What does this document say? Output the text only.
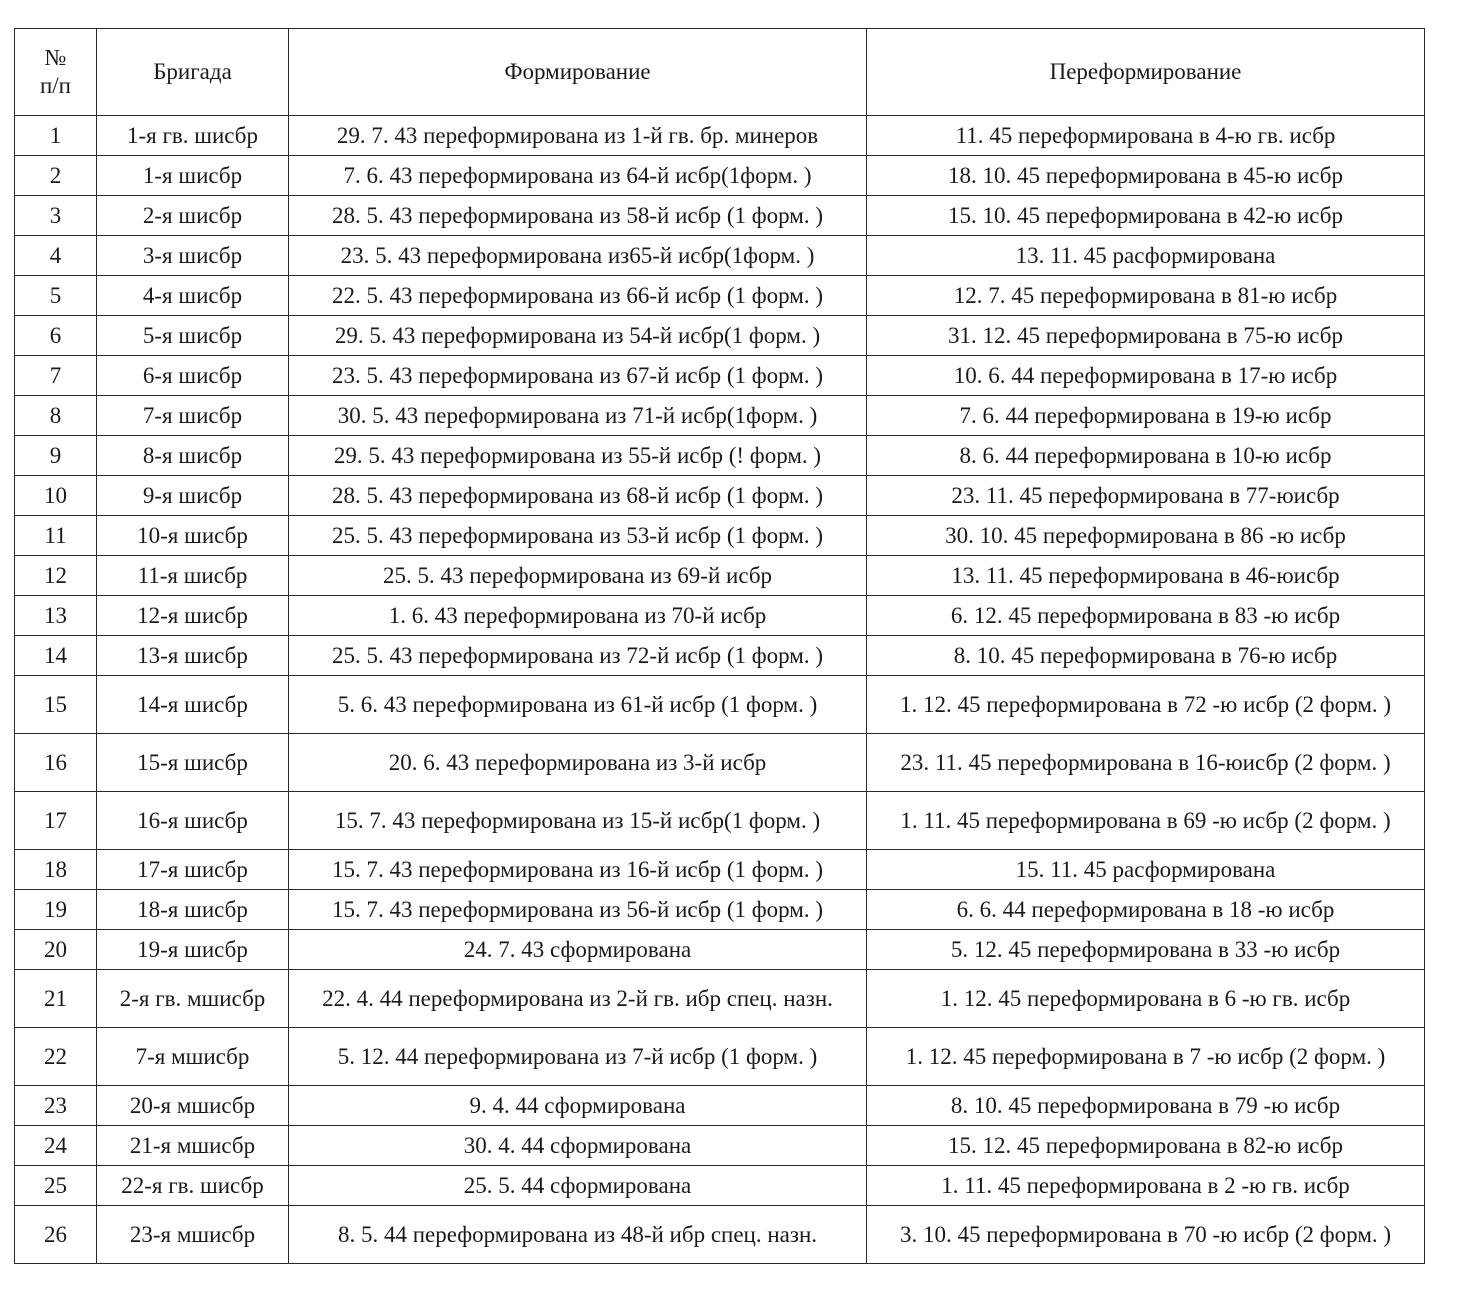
№
п/п	Бригада	Формирование	Переформирование
1	1-я гв. шисбр	29. 7. 43 переформирована из 1-й гв. бр. минеров	11. 45 переформирована в 4-ю гв. исбр
2	1-я шисбр	7. 6. 43 переформирована из 64-й исбр(1форм. )	18. 10. 45 переформирована в 45-ю исбр
3	2-я шисбр	28. 5. 43 переформирована из 58-й исбр (1 форм. )	15. 10. 45 переформирована в 42-ю исбр
4	3-я шисбр	23. 5. 43 переформирована из65-й исбр(1форм. )	13. 11. 45 расформирована
5	4-я шисбр	22. 5. 43 переформирована из 66-й исбр (1 форм. )	12. 7. 45 переформирована в 81-ю исбр
6	5-я шисбр	29. 5. 43 переформирована из 54-й исбр(1 форм. )	31. 12. 45 переформирована в 75-ю исбр
7	6-я шисбр	23. 5. 43 переформирована из 67-й исбр (1 форм. )	10. 6. 44 переформирована в 17-ю исбр
8	7-я шисбр	30. 5. 43 переформирована из 71-й исбр(1форм. )	7. 6. 44 переформирована в 19-ю исбр
9	8-я шисбр	29. 5. 43 переформирована из 55-й исбр (! форм. )	8. 6. 44 переформирована в 10-ю исбр
10	9-я шисбр	28. 5. 43 переформирована из 68-й исбр (1 форм. )	23. 11. 45 переформирована в 77-юисбр
11	10-я шисбр	25. 5. 43 переформирована из 53-й исбр (1 форм. )	30. 10. 45 переформирована в 86 -ю исбр
12	11-я шисбр	25. 5. 43 переформирована из 69-й исбр	13. 11. 45 переформирована в 46-юисбр
13	12-я шисбр	1. 6. 43 переформирована из 70-й исбр	6. 12. 45 переформирована в 83 -ю исбр
14	13-я шисбр	25. 5. 43 переформирована из 72-й исбр (1 форм. )	8. 10. 45 переформирована в 76-ю исбр
15	14-я шисбр	5. 6. 43 переформирована из 61-й исбр (1 форм. )	1. 12. 45 переформирована в 72 -ю исбр (2 форм. )
16	15-я шисбр	20. 6. 43 переформирована из 3-й исбр	23. 11. 45 переформирована в 16-юисбр (2 форм. )
17	16-я шисбр	15. 7. 43 переформирована из 15-й исбр(1 форм. )	1. 11. 45 переформирована в 69 -ю исбр (2 форм. )
18	17-я шисбр	15. 7. 43 переформирована из 16-й исбр (1 форм. )	15. 11. 45 расформирована
19	18-я шисбр	15. 7. 43 переформирована из 56-й исбр (1 форм. )	6. 6. 44 переформирована в 18 -ю исбр
20	19-я шисбр	24. 7. 43 сформирована	5. 12. 45 переформирована в 33 -ю исбр
21	2-я гв. мшисбр	22. 4. 44 переформирована из 2-й гв. ибр спец. назн.	1. 12. 45 переформирована в 6 -ю гв. исбр
22	7-я мшисбр	5. 12. 44 переформирована из 7-й исбр (1 форм. )	1. 12. 45 переформирована в 7 -ю исбр (2 форм. )
23	20-я мшисбр	9. 4. 44 сформирована	8. 10. 45 переформирована в 79 -ю исбр
24	21-я мшисбр	30. 4. 44 сформирована	15. 12. 45 переформирована в 82-ю исбр
25	22-я гв. шисбр	25. 5. 44 сформирована	1. 11. 45 переформирована в 2 -ю гв. исбр
26	23-я мшисбр	8. 5. 44 переформирована из 48-й ибр спец. назн.	3. 10. 45 переформирована в 70 -ю исбр (2 форм. )
